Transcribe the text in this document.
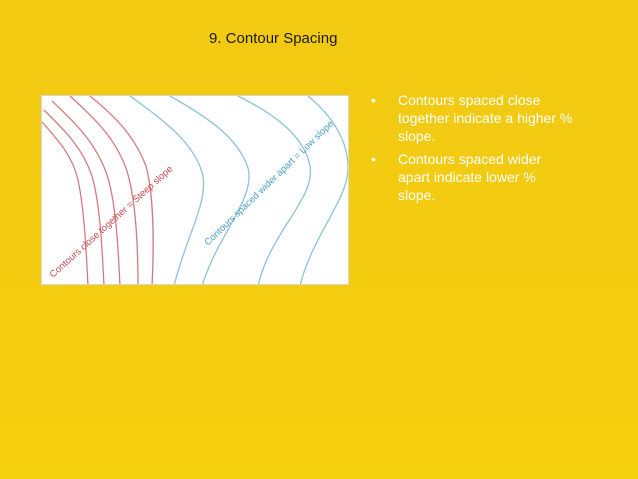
9. Contour Spacing
Contours close together = Steep slope	Contours spaced wider apart = Low slope
• Contours spaced close together indicate a higher % slope.
• Contours spaced wider apart indicate lower % slope.
